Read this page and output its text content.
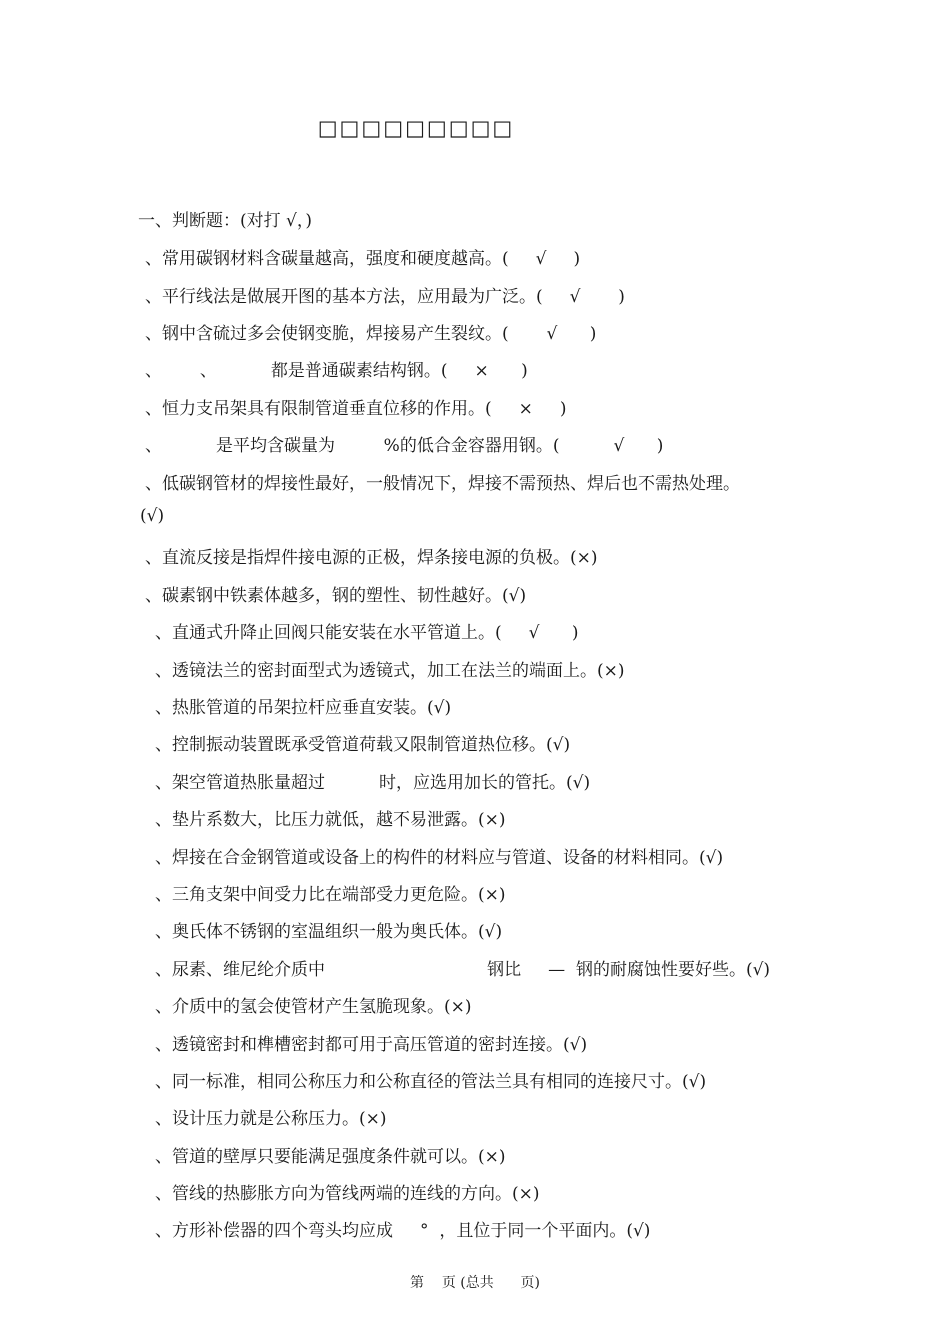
□□□□□□□□□
一、判断题：(对打 √，)
、常用碳钢材料含碳量越高，强度和硬度越高。(     √     )
、平行线法是做展开图的基本方法，应用最为广泛。(     √       )
、钢中含硫过多会使钢变脆，焊接易产生裂纹。(       √      )
、       、          都是普通碳素结构钢。(     ×      )
、恒力支吊架具有限制管道垂直位移的作用。(     ×     )
、          是平均含碳量为         %的低合金容器用钢。(          √      )
、低碳钢管材的焊接性最好，一般情况下，焊接不需预热、焊后也不需热处理。
(√)
、直流反接是指焊件接电源的正极，焊条接电源的负极。(×)
、碳素钢中铁素体越多，钢的塑性、韧性越好。(√)
、直通式升降止回阀只能安装在水平管道上。(     √      )
、透镜法兰的密封面型式为透镜式，加工在法兰的端面上。(×)
、热胀管道的吊架拉杆应垂直安装。(√)
、控制振动装置既承受管道荷载又限制管道热位移。(√)
、架空管道热胀量超过          时，应选用加长的管托。(√)
、垫片系数大，比压力就低，越不易泄露。(×)
、焊接在合金钢管道或设备上的构件的材料应与管道、设备的材料相同。(√)
、三角支架中间受力比在端部受力更危险。(×)
、奥氏体不锈钢的室温组织一般为奥氏体。(√)
、尿素、维尼纶介质中                              钢比     —  钢的耐腐蚀性要好些。(√)
、介质中的氢会使管材产生氢脆现象。(×)
、透镜密封和榫槽密封都可用于高压管道的密封连接。(√)
、同一标准，相同公称压力和公称直径的管法兰具有相同的连接尺寸。(√)
、设计压力就是公称压力。(×)
、管道的壁厚只要能满足强度条件就可以。(×)
、管线的热膨胀方向为管线两端的连线的方向。(×)
、方形补偿器的四个弯头均应成     °  ，且位于同一个平面内。(√)
第    页 (总共      页)
